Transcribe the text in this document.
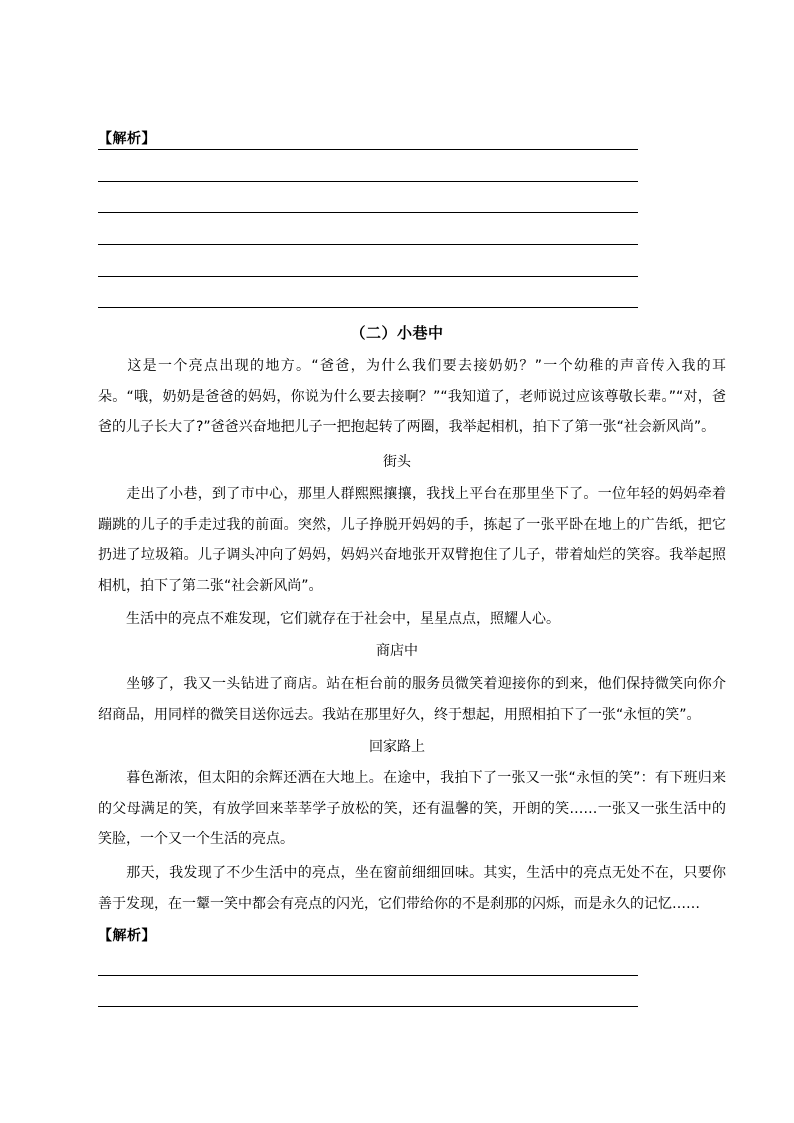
【解析】
（二）小巷中

这是一个亮点出现的地方。“爸爸，为什么我们要去接奶奶？”一个幼稚的声音传入我的耳朵。“哦，奶奶是爸爸的妈妈，你说为什么要去接啊？”“我知道了，老师说过应该尊敬长辈。”“对，爸爸的儿子长大了?”爸爸兴奋地把儿子一把抱起转了两圈，我举起相机，拍下了第一张“社会新风尚”。

街头

走出了小巷，到了市中心，那里人群熙熙攘攘，我找上平台在那里坐下了。一位年轻的妈妈牵着蹦跳的儿子的手走过我的前面。突然，儿子挣脱开妈妈的手，拣起了一张平卧在地上的广告纸，把它扔进了垃圾箱。儿子调头冲向了妈妈，妈妈兴奋地张开双臂抱住了儿子，带着灿烂的笑容。我举起照相机，拍下了第二张“社会新风尚”。

生活中的亮点不难发现，它们就存在于社会中，星星点点，照耀人心。

商店中

坐够了，我又一头钻进了商店。站在柜台前的服务员微笑着迎接你的到来，他们保持微笑向你介绍商品，用同样的微笑目送你远去。我站在那里好久，终于想起，用照相拍下了一张“永恒的笑”。

回家路上

暮色渐浓，但太阳的余辉还洒在大地上。在途中，我拍下了一张又一张“永恒的笑”：有下班归来的父母满足的笑，有放学回来莘莘学子放松的笑，还有温馨的笑，开朗的笑……一张又一张生活中的笑脸，一个又一个生活的亮点。

那天，我发现了不少生活中的亮点，坐在窗前细细回味。其实，生活中的亮点无处不在，只要你善于发现，在一颦一笑中都会有亮点的闪光，它们带给你的不是刹那的闪烁，而是永久的记忆……

【解析】
